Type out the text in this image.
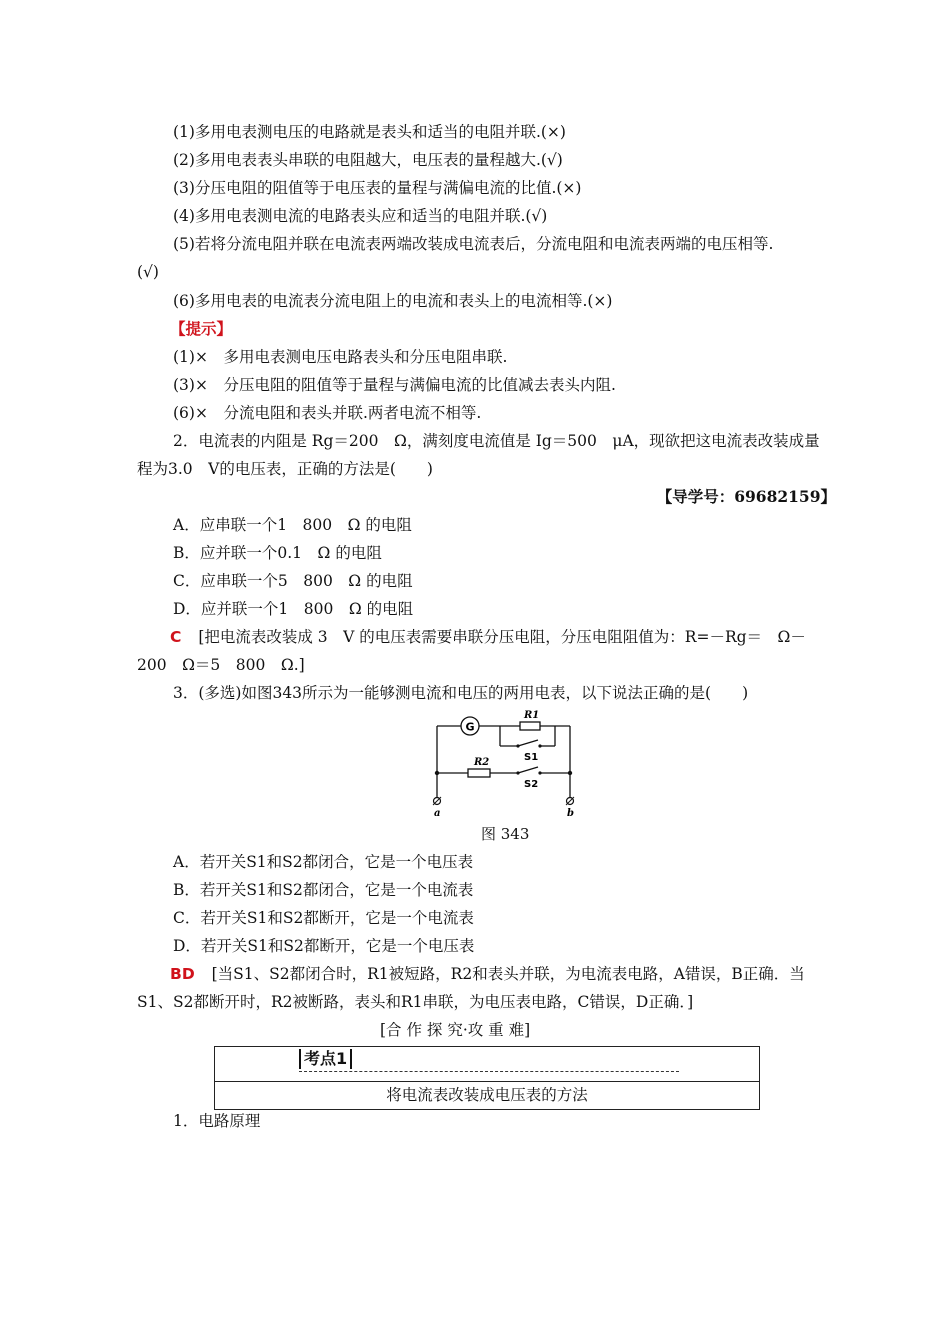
(1)多用电表测电压的电路就是表头和适当的电阻并联.(×)
(2)多用电表表头串联的电阻越大，电压表的量程越大.(√)
(3)分压电阻的阻值等于电压表的量程与满偏电流的比值.(×)
(4)多用电表测电流的电路表头应和适当的电阻并联.(√)
(5)若将分流电阻并联在电流表两端改装成电流表后，分流电阻和电流表两端的电压相等.
(√)
(6)多用电表的电流表分流电阻上的电流和表头上的电流相等.(×)
【提示】
(1)×　多用电表测电压电路表头和分压电阻串联.
(3)×　分压电阻的阻值等于量程与满偏电流的比值减去表头内阻.
(6)×　分流电阻和表头并联.两者电流不相等.
2．电流表的内阻是 Rg＝200　Ω，满刻度电流值是 Ig＝500　μA，现欲把这电流表改装成量
程为3.0　V的电压表，正确的方法是(　　)
【导学号：69682159】
A．应串联一个1　800　Ω 的电阻
B．应并联一个0.1　Ω 的电阻
C．应串联一个5　800　Ω 的电阻
D．应并联一个1　800　Ω 的电阻
C [把电流表改装成 3　V 的电压表需要串联分压电阻，分压电阻阻值为：R=－Rg＝　Ω－
200　Ω＝5　800　Ω.]
3．(多选)如图343所示为一能够测电流和电压的两用电表，以下说法正确的是(　　)
G
R1
S1
R2
S2
a	b
图 343
A．若开关S1和S2都闭合，它是一个电压表
B．若开关S1和S2都闭合，它是一个电流表
C．若开关S1和S2都断开，它是一个电流表
D．若开关S1和S2都断开，它是一个电压表
BD [当S1、S2都闭合时，R1被短路，R2和表头并联，为电流表电路，A错误，B正确．当
S1、S2都断开时，R2被断路，表头和R1串联，为电压表电路，C错误，D正确．]
[合 作 探 究·攻 重 难]
考点1
将电流表改装成电压表的方法
1．电路原理
